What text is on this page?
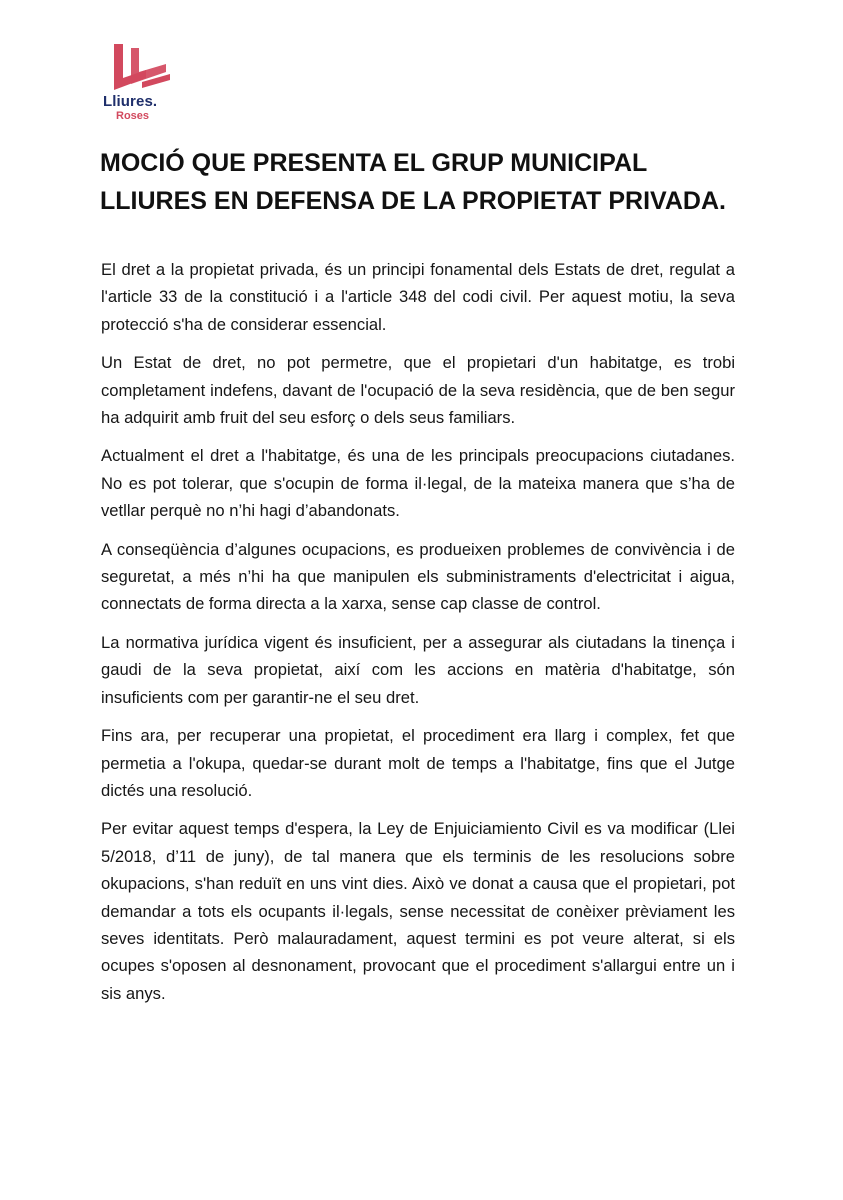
Lliures.
Roses
MOCIÓ QUE PRESENTA EL GRUP MUNICIPAL
LLIURES EN DEFENSA DE LA PROPIETAT PRIVADA.

El dret a la propietat privada, és un principi fonamental dels Estats de dret, regulat a l'article 33 de la constitució i a l'article 348 del codi civil. Per aquest motiu, la seva protecció s'ha de considerar essencial.

Un Estat de dret, no pot permetre, que el propietari d'un habitatge, es trobi completament indefens, davant de l'ocupació de la seva residència, que de ben segur ha adquirit amb fruit del seu esforç o dels seus familiars.

Actualment el dret a l'habitatge, és una de les principals preocupacions ciutadanes. No es pot tolerar, que s'ocupin de forma il·legal, de la mateixa manera que s’ha de vetllar perquè no n’hi hagi d’abandonats.

A conseqüència d’algunes ocupacions, es produeixen problemes de convivència i de seguretat, a més n’hi ha que manipulen els subministraments d'electricitat i aigua, connectats de forma directa a la xarxa, sense cap classe de control.

La normativa jurídica vigent és insuficient, per a assegurar als ciutadans la tinença i gaudi de la seva propietat, així com les accions en matèria d'habitatge, són insuficients com per garantir-ne el seu dret.

Fins ara, per recuperar una propietat, el procediment era llarg i complex, fet que permetia a l'okupa, quedar-se durant molt de temps a l'habitatge, fins que el Jutge dictés una resolució.

Per evitar aquest temps d'espera, la Ley de Enjuiciamiento Civil es va modificar (Llei 5/2018, d’11 de juny), de tal manera que els terminis de les resolucions sobre okupacions, s'han reduït en uns vint dies. Això ve donat a causa que el propietari, pot demandar a tots els ocupants il·legals, sense necessitat de conèixer prèviament les seves identitats. Però malauradament, aquest termini es pot veure alterat, si els ocupes s'oposen al desnonament, provocant que el procediment s'allargui entre un i sis anys.
